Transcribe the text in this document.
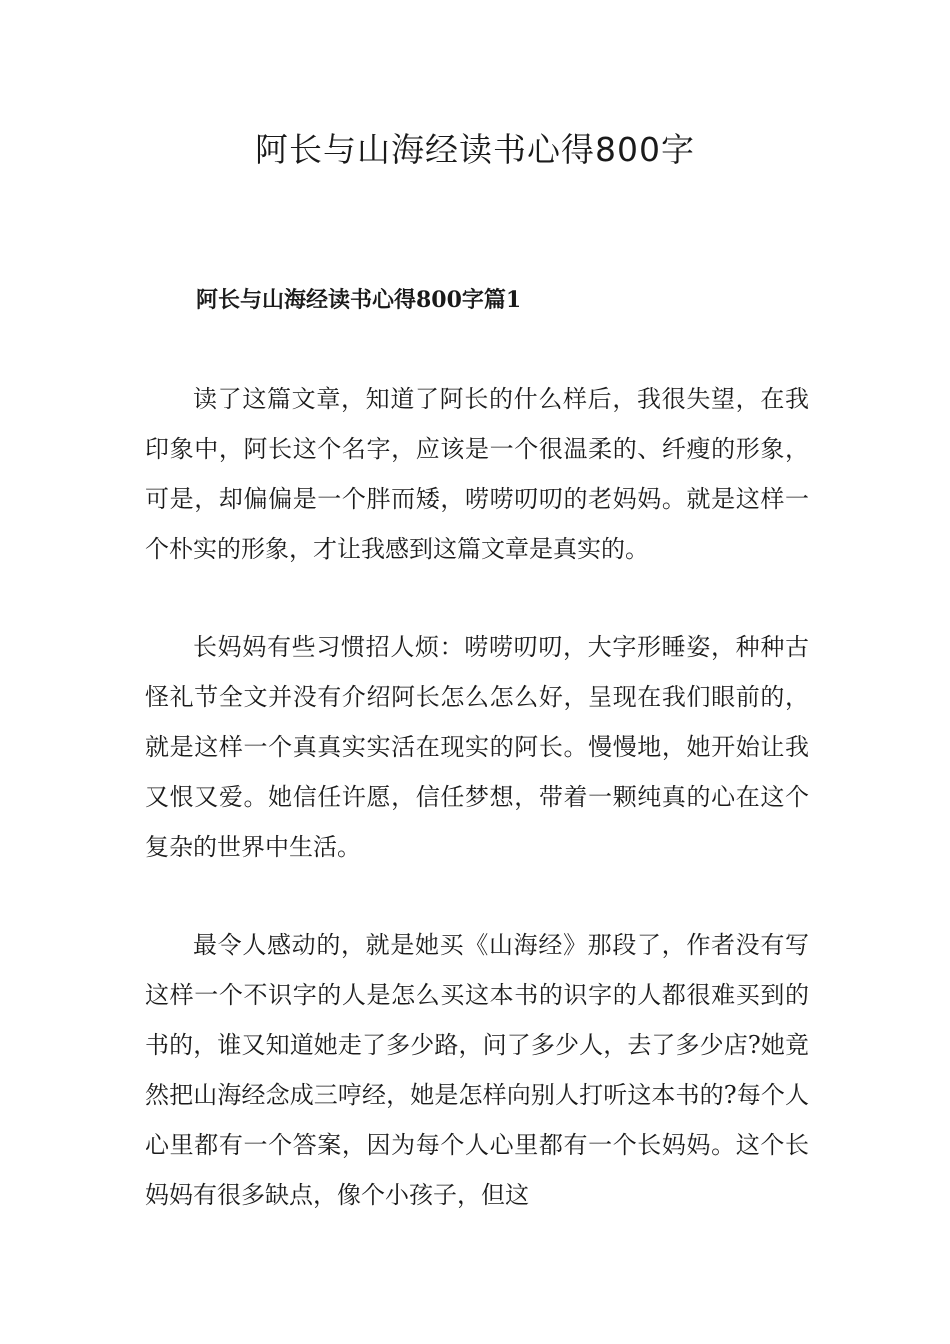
阿长与山海经读书心得800字
阿长与山海经读书心得800字篇1

读了这篇文章，知道了阿长的什么样后，我很失望，在我印象中，阿长这个名字，应该是一个很温柔的、纤瘦的形象，可是，却偏偏是一个胖而矮，唠唠叨叨的老妈妈。就是这样一个朴实的形象，才让我感到这篇文章是真实的。

长妈妈有些习惯招人烦：唠唠叨叨，大字形睡姿，种种古怪礼节全文并没有介绍阿长怎么怎么好，呈现在我们眼前的，就是这样一个真真实实活在现实的阿长。慢慢地，她开始让我又恨又爱。她信任许愿，信任梦想，带着一颗纯真的心在这个复杂的世界中生活。

最令人感动的，就是她买《山海经》那段了，作者没有写这样一个不识字的人是怎么买这本书的识字的人都很难买到的书的，谁又知道她走了多少路，问了多少人，去了多少店?她竟然把山海经念成三哼经，她是怎样向别人打听这本书的?每个人心里都有一个答案，因为每个人心里都有一个长妈妈。这个长妈妈有很多缺点，像个小孩子，但这
